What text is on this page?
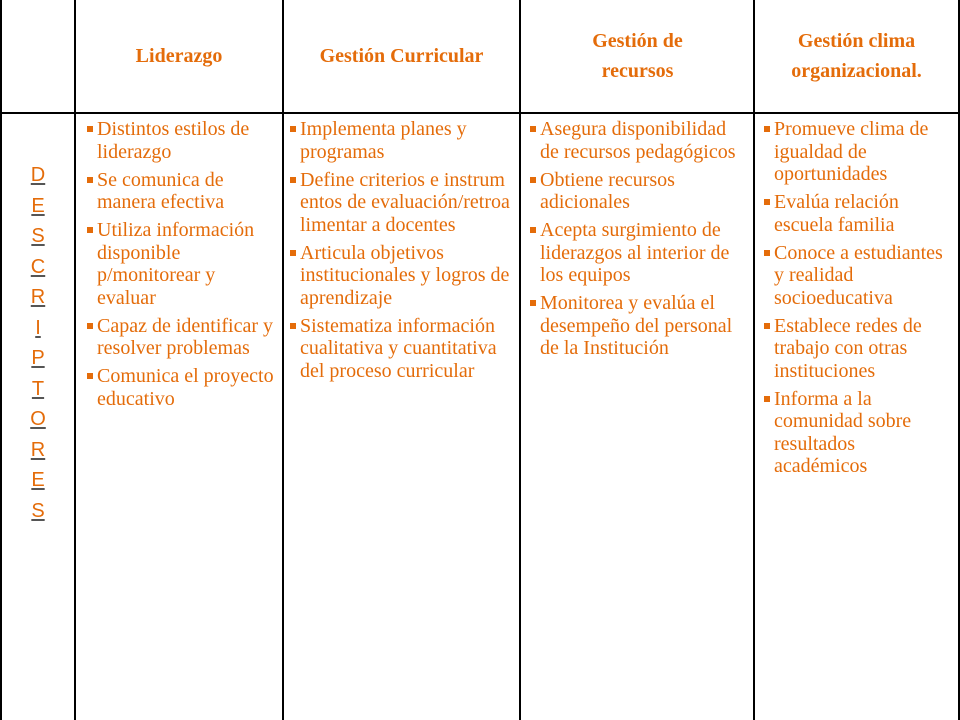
Liderazgo	Gestión Curricular
Gestión de recursos
Gestión clima organizacional.
D
E
S
C
R
I
P
T
O
R
E
S
Distintos estilos de liderazgo
Se comunica de manera efectiva
Utiliza información disponible p/monitorear y evaluar
Capaz de identificar y resolver problemas
Comunica el proyecto educativo
Implementa planes y programas
Define criterios e instrumentos de evaluación/retroalimentar a docentes
Articula objetivos institucionales y logros de aprendizaje
Sistematiza información cualitativa y cuantitativa del proceso curricular
Asegura disponibilidad de recursos pedagógicos
Obtiene recursos adicionales
Acepta surgimiento de liderazgos al interior de los equipos
Monitorea y evalúa el desempeño del personal de la Institución
Promueve clima de igualdad de oportunidades
Evalúa relación escuela familia
Conoce a estudiantes y realidad socioeducativa
Establece redes de trabajo con otras instituciones
Informa a la comunidad sobre resultados académicos
